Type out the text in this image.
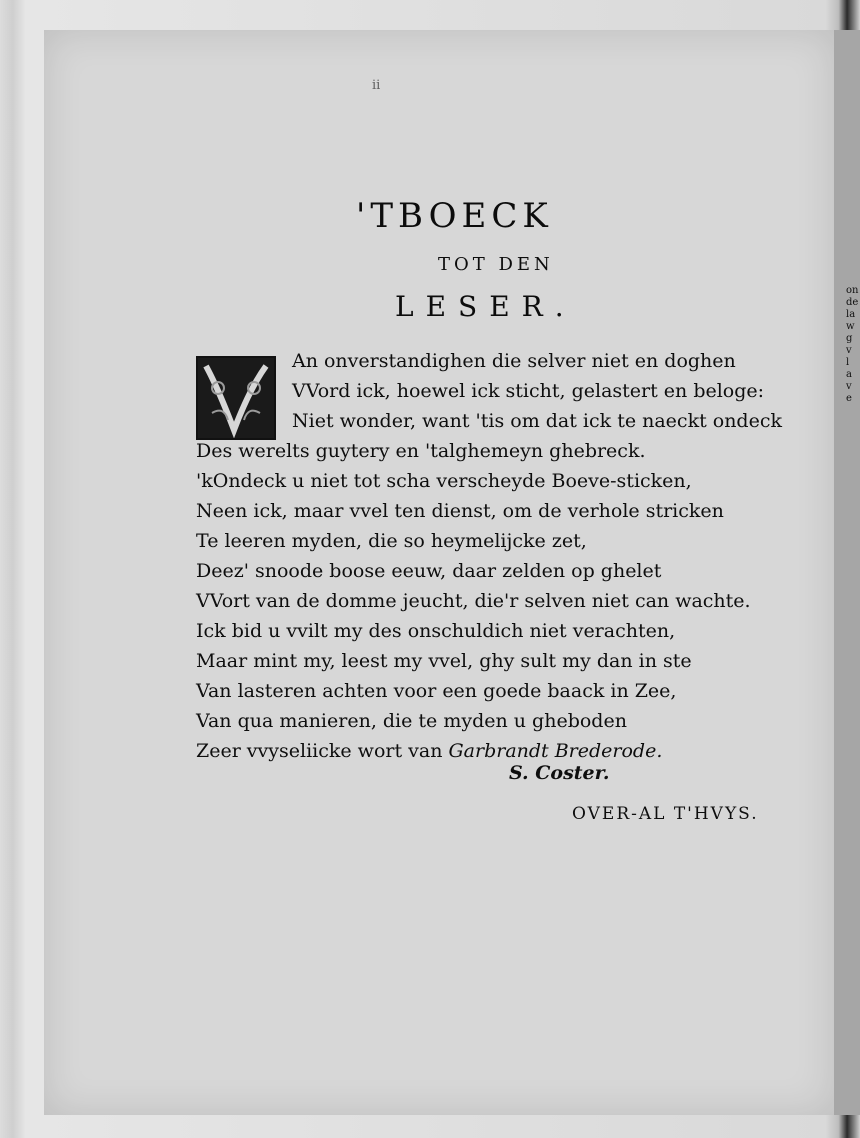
on
de
la
w
g
v
l
a
v
e
ii
'TBOECK
TOT DEN
LESER.
An onverstandighen die selver niet en doghen
VVord ick, hoewel ick sticht, gelastert en beloge:
Niet wonder, want 'tis om dat ick te naeckt ondeck
Des werelts guytery en 'talghemeyn ghebreck.
'kOndeck u niet tot scha verscheyde Boeve-sticken,
Neen ick, maar vvel ten dienst, om de verhole stricken
Te leeren myden, die so heymelijcke zet,
Deez' snoode boose eeuw, daar zelden op ghelet
VVort van de domme jeucht, die'r selven niet can wachte.
Ick bid u vvilt my des onschuldich niet verachten,
Maar mint my, leest my vvel, ghy sult my dan in ste
Van lasteren achten voor een goede baack in Zee,
Van qua manieren, die te myden u gheboden
Zeer vvyseliicke wort van Garbrandt Brederode.
S. Coster.
OVER-AL T'HVYS.
